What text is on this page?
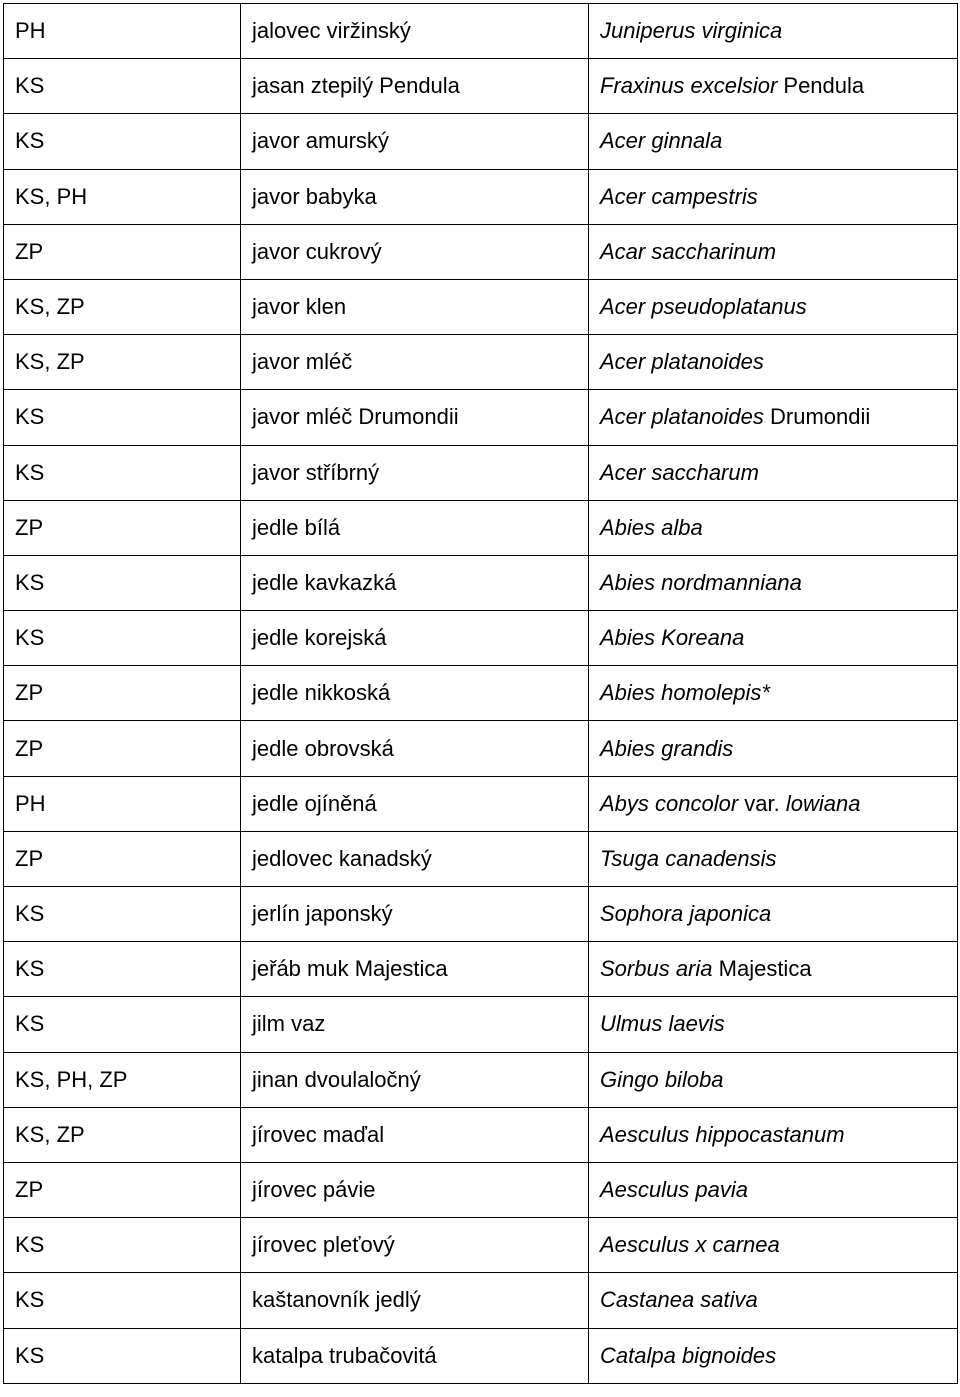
PH	jalovec viržinský	Juniperus virginica
KS	jasan ztepilý Pendula	Fraxinus excelsior Pendula
KS	javor amurský	Acer ginnala
KS, PH	javor babyka	Acer campestris
ZP	javor cukrový	Acar saccharinum
KS, ZP	javor klen	Acer pseudoplatanus
KS, ZP	javor mléč	Acer platanoides
KS	javor mléč Drumondii	Acer platanoides Drumondii
KS	javor stříbrný	Acer saccharum
ZP	jedle bílá	Abies alba
KS	jedle kavkazká	Abies nordmanniana
KS	jedle korejská	Abies Koreana
ZP	jedle nikkoská	Abies homolepis*
ZP	jedle obrovská	Abies grandis
PH	jedle ojíněná	Abys concolor var. lowiana
ZP	jedlovec kanadský	Tsuga canadensis
KS	jerlín japonský	Sophora japonica
KS	jeřáb muk Majestica	Sorbus aria Majestica
KS	jilm vaz	Ulmus laevis
KS, PH, ZP	jinan dvoulaločný	Gingo biloba
KS, ZP	jírovec maďal	Aesculus hippocastanum
ZP	jírovec pávie	Aesculus pavia
KS	jírovec pleťový	Aesculus x carnea
KS	kaštanovník jedlý	Castanea sativa
KS	katalpa trubačovitá	Catalpa bignoides
